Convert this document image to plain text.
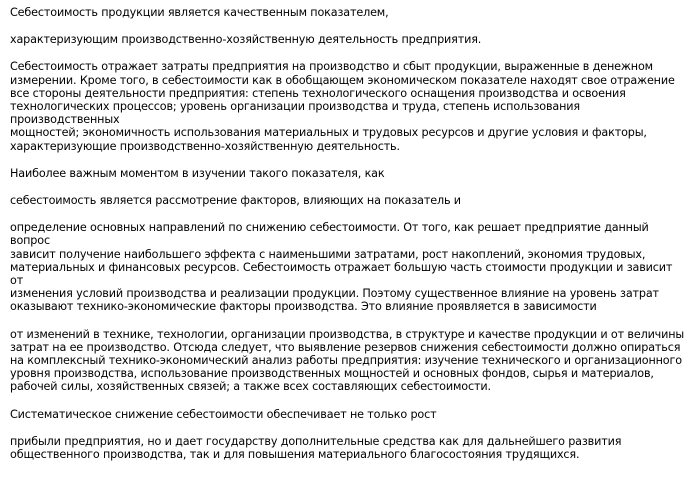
Себестоимость продукции является качественным показателем,

характеризующим производственно-хозяйственную деятельность предприятия.

Себестоимость отражает затраты предприятия на производство и сбыт продукции, выраженные в денежном
измерении. Кроме того, в себестоимости как в обобщающем экономическом показателе находят свое отражение
все стороны деятельности предприятия: степень технологического оснащения производства и освоения
технологических процессов; уровень организации производства и труда, степень использования производственных
мощностей; экономичность использования материальных и трудовых ресурсов и другие условия и факторы,
характеризующие производственно-хозяйственную деятельность.

Наиболее важным моментом в изучении такого показателя, как

себестоимость является рассмотрение факторов, влияющих на показатель и

определение основных направлений по снижению себестоимости. От того, как решает предприятие данный вопрос
зависит получение наибольшего эффекта с наименьшими затратами, рост накоплений, экономия трудовых,
материальных и финансовых ресурсов. Себестоимость отражает большую часть стоимости продукции и зависит от
изменения условий производства и реализации продукции. Поэтому существенное влияние на уровень затрат
оказывают технико-экономические факторы производства. Это влияние проявляется в зависимости

от изменений в технике, технологии, организации производства, в структуре и качестве продукции и от величины
затрат на ее производство. Отсюда следует, что выявление резервов снижения себестоимости должно опираться
на комплексный технико-экономический анализ работы предприятия: изучение технического и организационного
уровня производства, использование производственных мощностей и основных фондов, сырья и материалов,
рабочей силы, хозяйственных связей; а также всех составляющих себестоимости.

Систематическое снижение себестоимости обеспечивает не только рост

прибыли предприятия, но и дает государству дополнительные средства как для дальнейшего развития
общественного производства, так и для повышения материального благосостояния трудящихся.
